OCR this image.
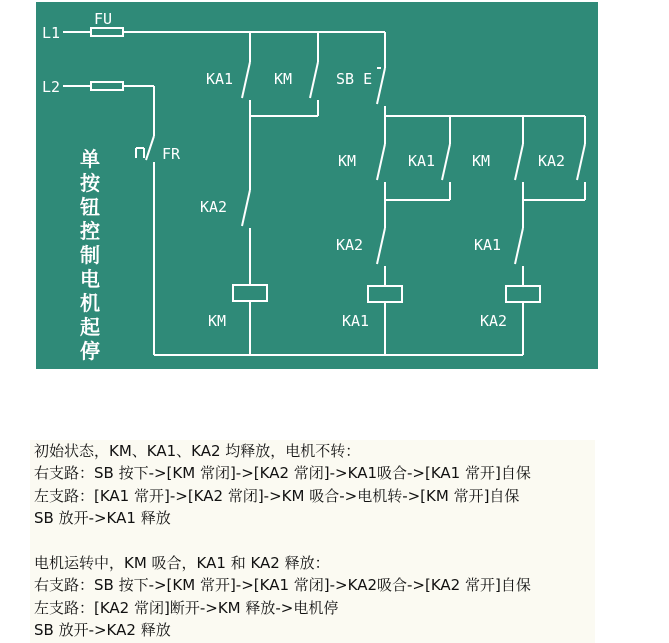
L1
L2
FU
FR
KA1	KM	SB E
KA2
KM
KM	KA1
KA2
KA1
KM	KA2
KA1
KA2
单
按
钮
控
制
电
机
起
停

初始状态，KM、KA1、KA2 均释放，电机不转：

右支路：SB 按下->[KM 常闭]->[KA2 常闭]->KA1吸合->[KA1 常开]自保

左支路：[KA1 常开]->[KA2 常闭]->KM 吸合->电机转->[KM 常开]自保

SB 放开->KA1 释放

电机运转中，KM 吸合，KA1 和 KA2 释放：

右支路：SB 按下->[KM 常开]->[KA1 常闭]->KA2吸合->[KA2 常开]自保

左支路：[KA2 常闭]断开->KM 释放->电机停

SB 放开->KA2 释放
